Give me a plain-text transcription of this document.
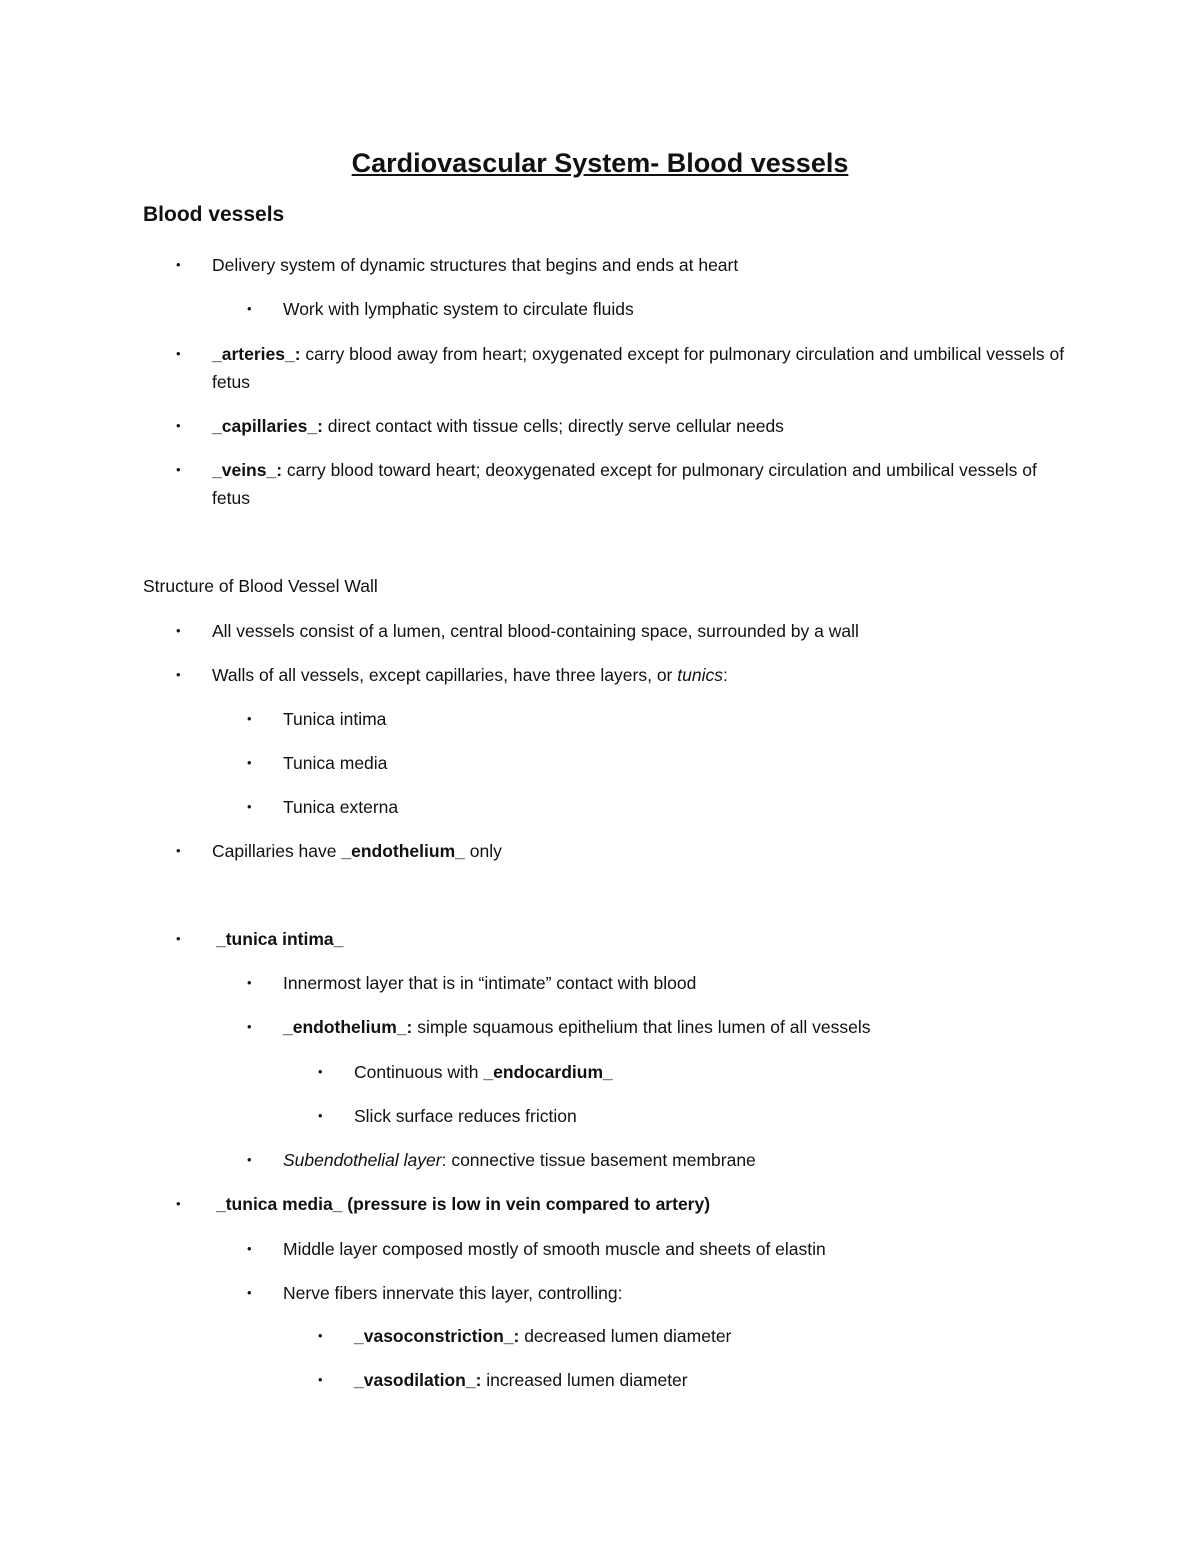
Cardiovascular System- Blood vessels
Blood vessels
• Delivery system of dynamic structures that begins and ends at heart
• Work with lymphatic system to circulate fluids
• _arteries_: carry blood away from heart; oxygenated except for pulmonary circulation and umbilical vessels of fetus
• _capillaries_: direct contact with tissue cells; directly serve cellular needs
• _veins_: carry blood toward heart; deoxygenated except for pulmonary circulation and umbilical vessels of fetus
Structure of Blood Vessel Wall
• All vessels consist of a lumen, central blood-containing space, surrounded by a wall
• Walls of all vessels, except capillaries, have three layers, or tunics:
• Tunica intima
• Tunica media
• Tunica externa
• Capillaries have _endothelium_ only
• _tunica intima_
• Innermost layer that is in “intimate” contact with blood
• _endothelium_: simple squamous epithelium that lines lumen of all vessels
• Continuous with _endocardium_
• Slick surface reduces friction
• Subendothelial layer: connective tissue basement membrane
• _tunica media_ (pressure is low in vein compared to artery)
• Middle layer composed mostly of smooth muscle and sheets of elastin
• Nerve fibers innervate this layer, controlling:
• _vasoconstriction_: decreased lumen diameter
• _vasodilation_: increased lumen diameter
